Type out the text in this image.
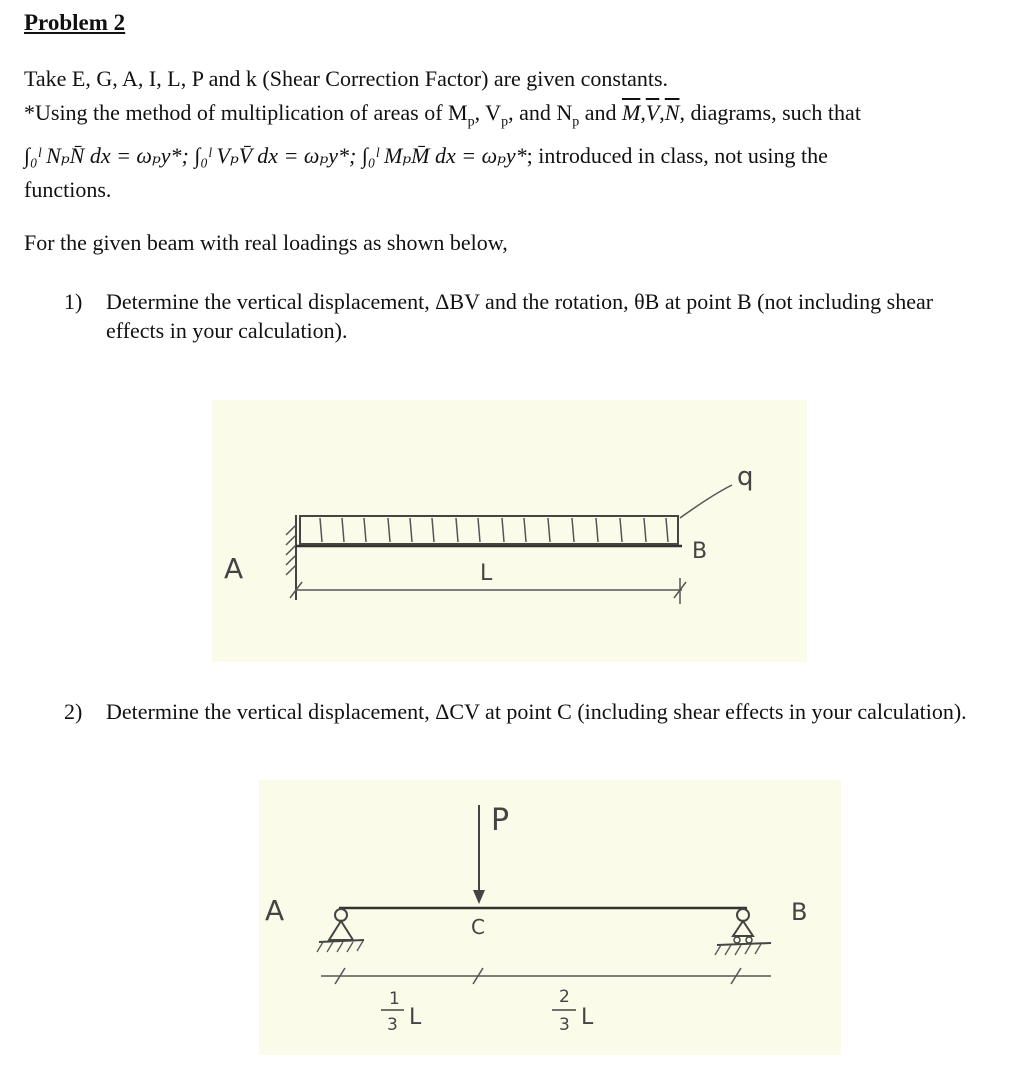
Problem 2
Take E, G, A, I, L, P and k (Shear Correction Factor) are given constants.
*Using the method of multiplication of areas of $M_p$, $V_p$, and $N_p$ and $\overline{M},\overline{V},\overline{N}$, diagrams, such that
∫₀ˡ NₚN̄ dx = ωₚy*; ∫₀ˡ VₚV̄ dx = ωₚy*; ∫₀ˡ MₚM̄ dx = ωₚy*; introduced in class, not using the
functions.
For the given beam with real loadings as shown below,
1) Determine the vertical displacement, ΔBV and the rotation, θB at point B (not including shear effects in your calculation).
q
A
B
L
2) Determine the vertical displacement, ΔCV at point C (including shear effects in your calculation).
P
A	C
B
1
3 L
2
3 L
